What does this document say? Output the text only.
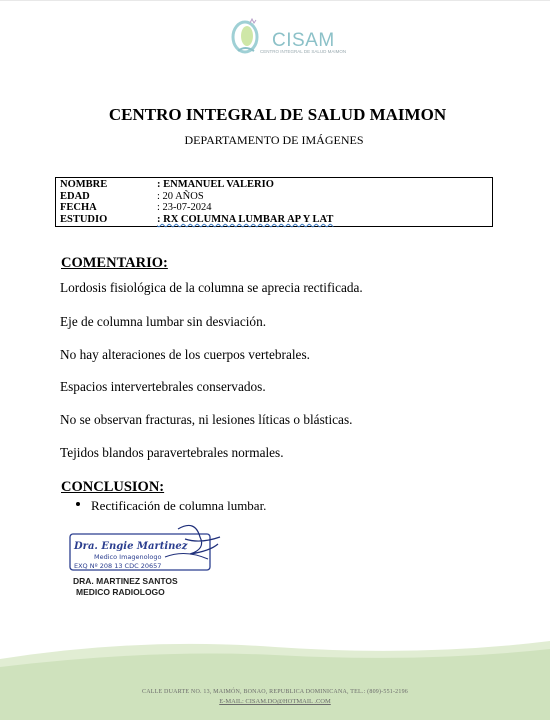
CISAM
CENTRO INTEGRAL DE SALUD MAIMON
CENTRO INTEGRAL DE SALUD MAIMON
DEPARTAMENTO DE IMÁGENES
NOMBRE	: ENMANUEL VALERIO
EDAD	: 20 AÑOS
FECHA	: 23-07-2024
ESTUDIO	: RX COLUMNA LUMBAR AP Y LAT
COMENTARIO:
Lordosis fisiológica de la columna se aprecia rectificada.
Eje de columna lumbar sin desviación.
No hay alteraciones de los cuerpos vertebrales.
Espacios intervertebrales conservados.
No se observan fracturas, ni lesiones líticas o blásticas.
Tejidos blandos paravertebrales normales.
CONCLUSION:
Rectificación de columna lumbar.
Dra. Engie Martinez
Medico Imagenologo
EXQ Nº 208 13 CDC 20657
DRA. MARTINEZ SANTOS
MEDICO RADIOLOGO
CALLE DUARTE NO. 13, MAIMÓN, BONAO, REPUBLICA DOMINICANA, TEL.: (809)-551-2196
E-MAIL: CISAM.DO@HOTMAIL .COM
